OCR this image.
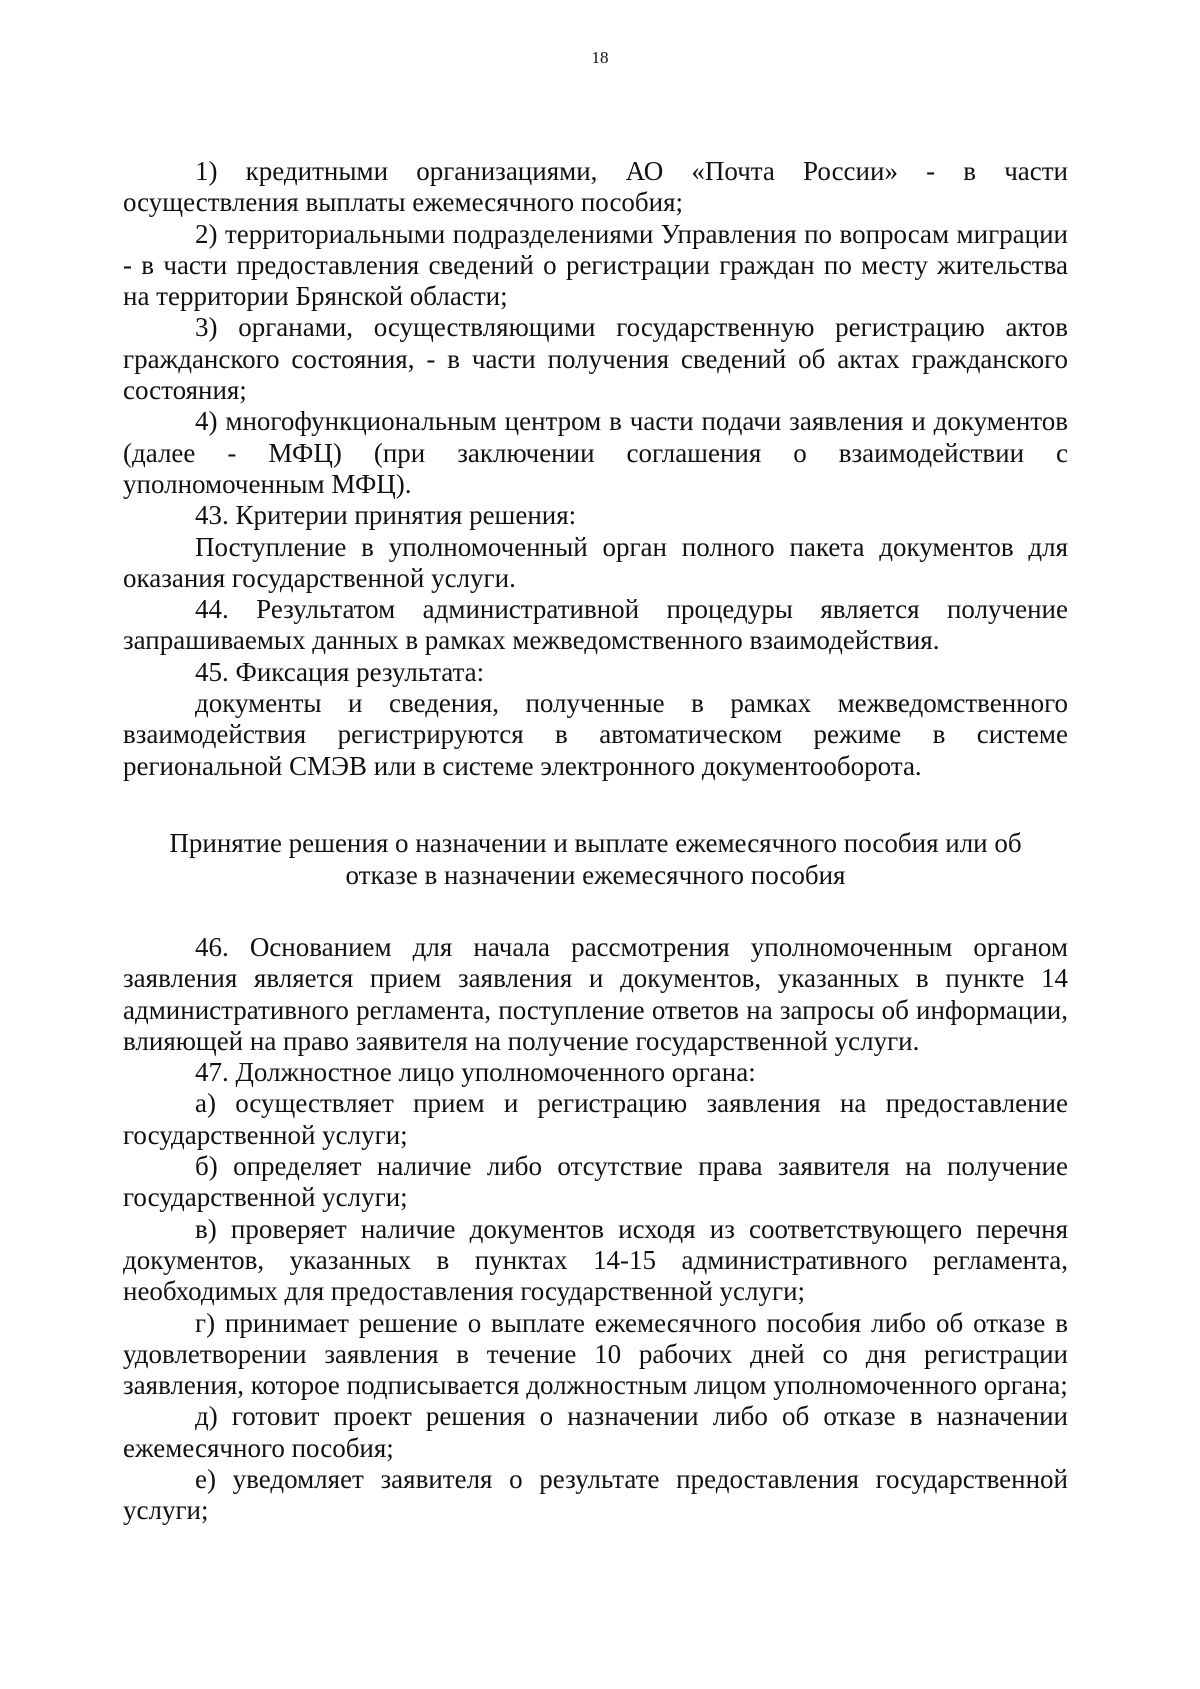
18

1) кредитными организациями, АО «Почта России» - в части осуществления выплаты ежемесячного пособия;

2) территориальными подразделениями Управления по вопросам миграции - в части предоставления сведений о регистрации граждан по месту жительства на территории Брянской области;

3) органами, осуществляющими государственную регистрацию актов гражданского состояния, - в части получения сведений об актах гражданского состояния;

4) многофункциональным центром в части подачи заявления и документов (далее - МФЦ) (при заключении соглашения о взаимодействии с уполномоченным МФЦ).

43. Критерии принятия решения:

Поступление в уполномоченный орган полного пакета документов для оказания государственной услуги.

44. Результатом административной процедуры является получение запрашиваемых данных в рамках межведомственного взаимодействия.

45. Фиксация результата:

документы и сведения, полученные в рамках межведомственного взаимодействия регистрируются в автоматическом режиме в системе региональной СМЭВ или в системе электронного документооборота.

Принятие решения о назначении и выплате ежемесячного пособия или об
отказе в назначении ежемесячного пособия

46. Основанием для начала рассмотрения уполномоченным органом заявления является прием заявления и документов, указанных в пункте 14 административного регламента, поступление ответов на запросы об информации, влияющей на право заявителя на получение государственной услуги.

47. Должностное лицо уполномоченного органа:

а) осуществляет прием и регистрацию заявления на предоставление государственной услуги;

б) определяет наличие либо отсутствие права заявителя на получение государственной услуги;

в) проверяет наличие документов исходя из соответствующего перечня документов, указанных в пунктах 14-15 административного регламента, необходимых для предоставления государственной услуги;

г) принимает решение о выплате ежемесячного пособия либо об отказе в удовлетворении заявления в течение 10 рабочих дней со дня регистрации заявления, которое подписывается должностным лицом уполномоченного органа;

д) готовит проект решения о назначении либо об отказе в назначении ежемесячного пособия;

е) уведомляет заявителя о результате предоставления государственной услуги;
